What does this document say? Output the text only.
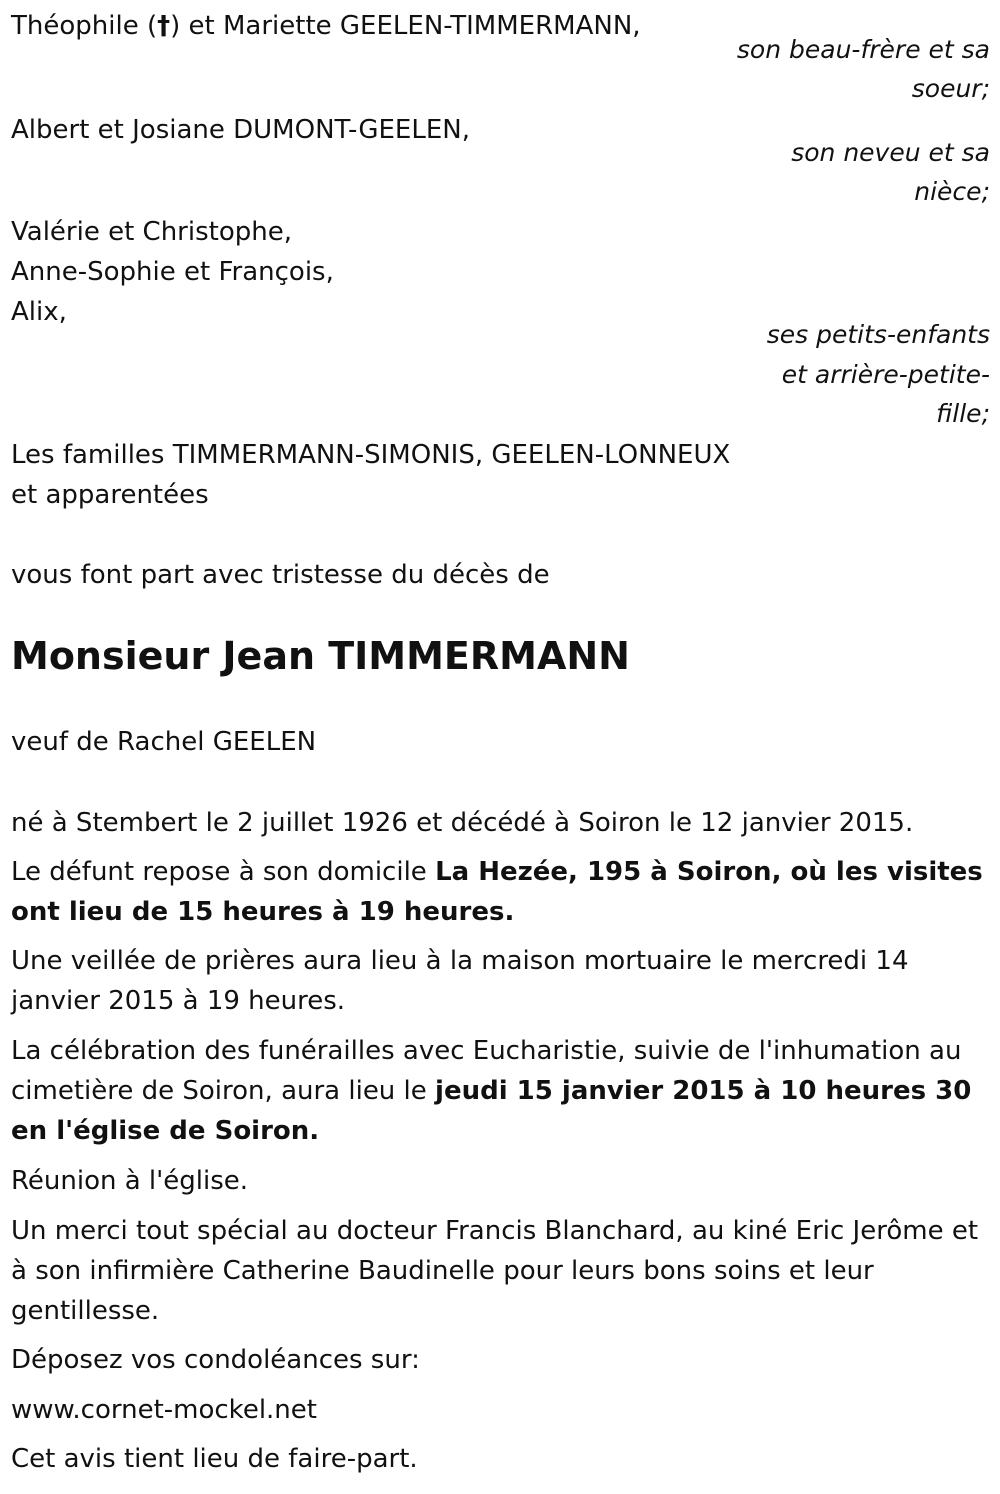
Théophile (†) et Mariette GEELEN-TIMMERMANN,
son beau-frère et sa
soeur;
Albert et Josiane DUMONT-GEELEN,
son neveu et sa
nièce;
Valérie et Christophe,
Anne-Sophie et François,
Alix,
ses petits-enfants
et arrière-petite-
fille;
Les familles TIMMERMANN-SIMONIS, GEELEN-LONNEUX
et apparentées
vous font part avec tristesse du décès de
Monsieur Jean TIMMERMANN
veuf de Rachel GEELEN
né à Stembert le 2 juillet 1926 et décédé à Soiron le 12 janvier 2015.
Le défunt repose à son domicile La Hezée, 195 à Soiron, où les visites ont lieu de 15 heures à 19 heures.
Une veillée de prières aura lieu à la maison mortuaire le mercredi 14 janvier 2015 à 19 heures.
La célébration des funérailles avec Eucharistie, suivie de l'inhumation au cimetière de Soiron, aura lieu le jeudi 15 janvier 2015 à 10 heures 30 en l'église de Soiron.
Réunion à l'église.
Un merci tout spécial au docteur Francis Blanchard, au kiné Eric Jerôme et à son infirmière Catherine Baudinelle pour leurs bons soins et leur gentillesse.
Déposez vos condoléances sur:
www.cornet-mockel.net
Cet avis tient lieu de faire-part.
